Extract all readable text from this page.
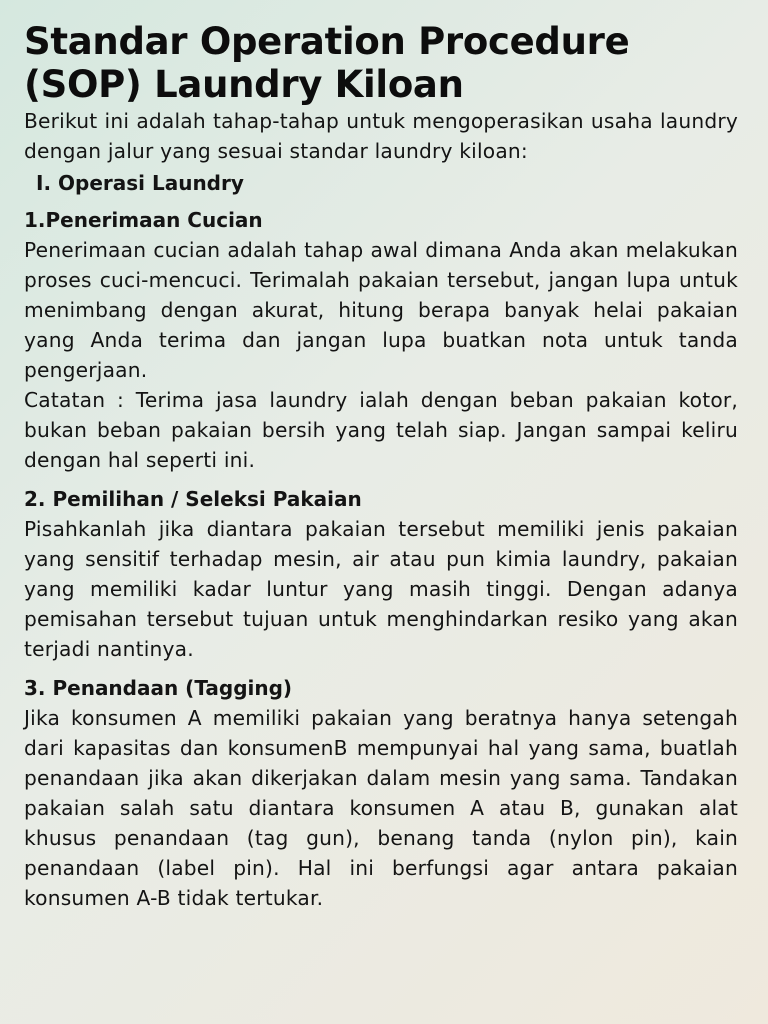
Standar Operation Procedure
(SOP) Laundry Kiloan

Berikut ini adalah tahap-tahap untuk mengoperasikan usaha laundry dengan jalur yang sesuai standar laundry kiloan:

I. Operasi Laundry
1.Penerimaan Cucian

Penerimaan cucian adalah tahap awal dimana Anda akan melakukan proses cuci-mencuci. Terimalah pakaian tersebut, jangan lupa untuk menimbang dengan akurat, hitung berapa banyak helai pakaian yang Anda terima dan jangan lupa buatkan nota untuk tanda pengerjaan.

Catatan : Terima jasa laundry ialah dengan beban pakaian kotor, bukan beban pakaian bersih yang telah siap. Jangan sampai keliru dengan hal seperti ini.

2. Pemilihan / Seleksi Pakaian

Pisahkanlah jika diantara pakaian tersebut memiliki jenis pakaian yang sensitif terhadap mesin, air atau pun kimia laundry, pakaian yang memiliki kadar luntur yang masih tinggi. Dengan adanya pemisahan tersebut tujuan untuk menghindarkan resiko yang akan terjadi nantinya.

3. Penandaan (Tagging)

Jika konsumen A memiliki pakaian yang beratnya hanya setengah dari kapasitas dan konsumenB mempunyai hal yang sama, buatlah penandaan jika akan dikerjakan dalam mesin yang sama. Tandakan pakaian salah satu diantara konsumen A atau B, gunakan alat khusus penandaan (tag gun), benang tanda (nylon pin), kain penandaan (label pin). Hal ini berfungsi agar antara pakaian konsumen A-B tidak tertukar.
